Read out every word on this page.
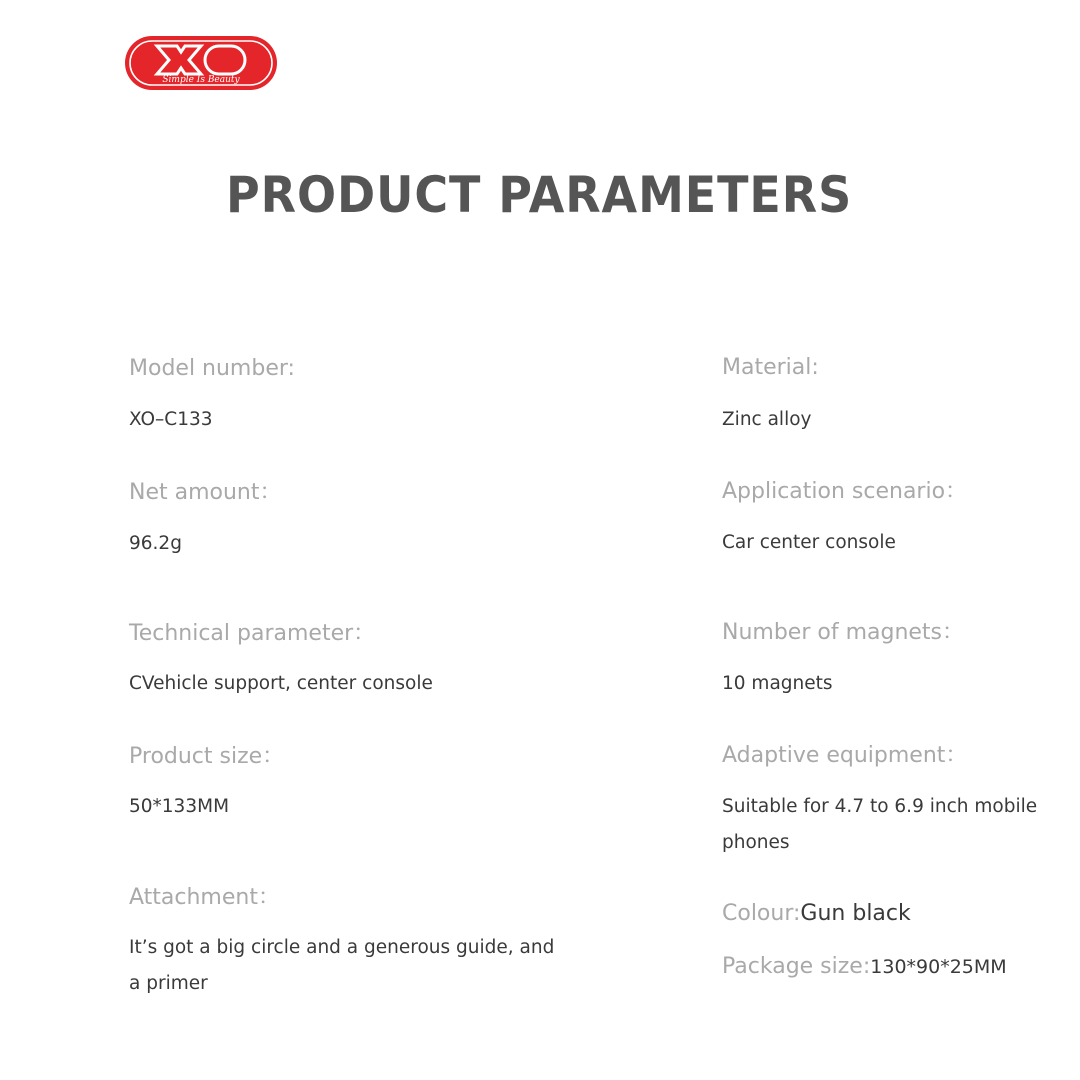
Simple Is Beauty
PRODUCT PARAMETERS
Model number:
XO–C133
Net amount：
96.2g
Technical parameter：
CVehicle support, center console
Product size：
50*133MM
Attachment：
It’s got a big circle and a generous guide, and a primer
Material:
Zinc alloy
Application scenario：
Car center console
Number of magnets：
10 magnets
Adaptive equipment：
Suitable for 4.7 to 6.9 inch mobile phones
Colour:Gun black
Package size:130*90*25MM
